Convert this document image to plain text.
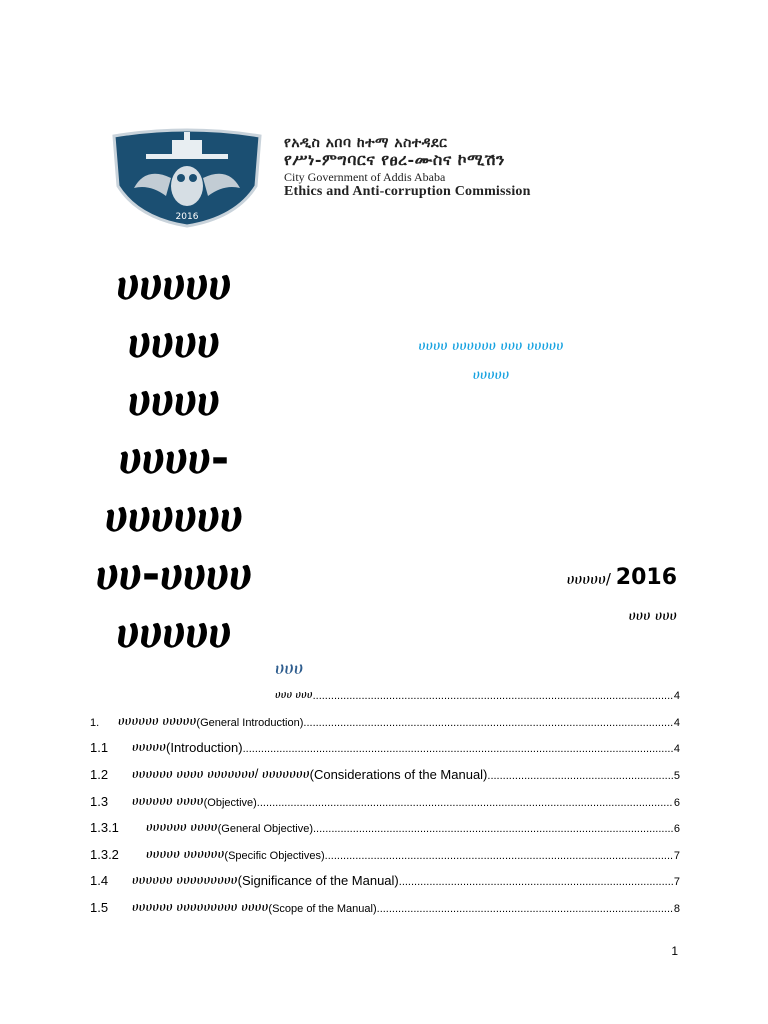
2016
የአዲስ አበባ ከተማ አስተዳደር
የሥነ-ምግባርና የፀረ-ሙስና ኮሚሽን
City Government of Addis Ababa
Ethics and Anti-corruption Commission
ሀሀሀሀሀ
ሀሀሀሀ
ሀሀሀሀ
ሀሀሀሀ-
ሀሀሀሀሀሀ
ሀሀ-ሀሀሀሀ
ሀሀሀሀሀ
ሀሀሀሀ ሀሀሀሀሀሀ ሀሀሀ ሀሀሀሀሀ
ሀሀሀሀሀ
ሀሀሀሀሀ/ 2016
ሀሀሀ ሀሀሀ
ሀሀሀ
ሀሀሀ ሀሀሀ .....	4
1.	ሀሀሀሀሀሀ ሀሀሀሀሀ (General Introduction) .....	4
1.1	ሀሀሀሀሀ (Introduction) .....	4
1.2	ሀሀሀሀሀሀ ሀሀሀሀ ሀሀሀሀሀሀሀ/ ሀሀሀሀሀሀሀ (Considerations of the Manual) .....	5
1.3	ሀሀሀሀሀሀ ሀሀሀሀ (Objective) .....	6
1.3.1	ሀሀሀሀሀሀ ሀሀሀሀ (General Objective) .....	6
1.3.2	ሀሀሀሀሀ ሀሀሀሀሀሀ (Specific Objectives) .....	7
1.4	ሀሀሀሀሀሀ ሀሀሀሀሀሀሀሀሀ (Significance of the Manual) .....	7
1.5	ሀሀሀሀሀሀ ሀሀሀሀሀሀሀሀሀ ሀሀሀሀ (Scope of the Manual) .....	8
1
